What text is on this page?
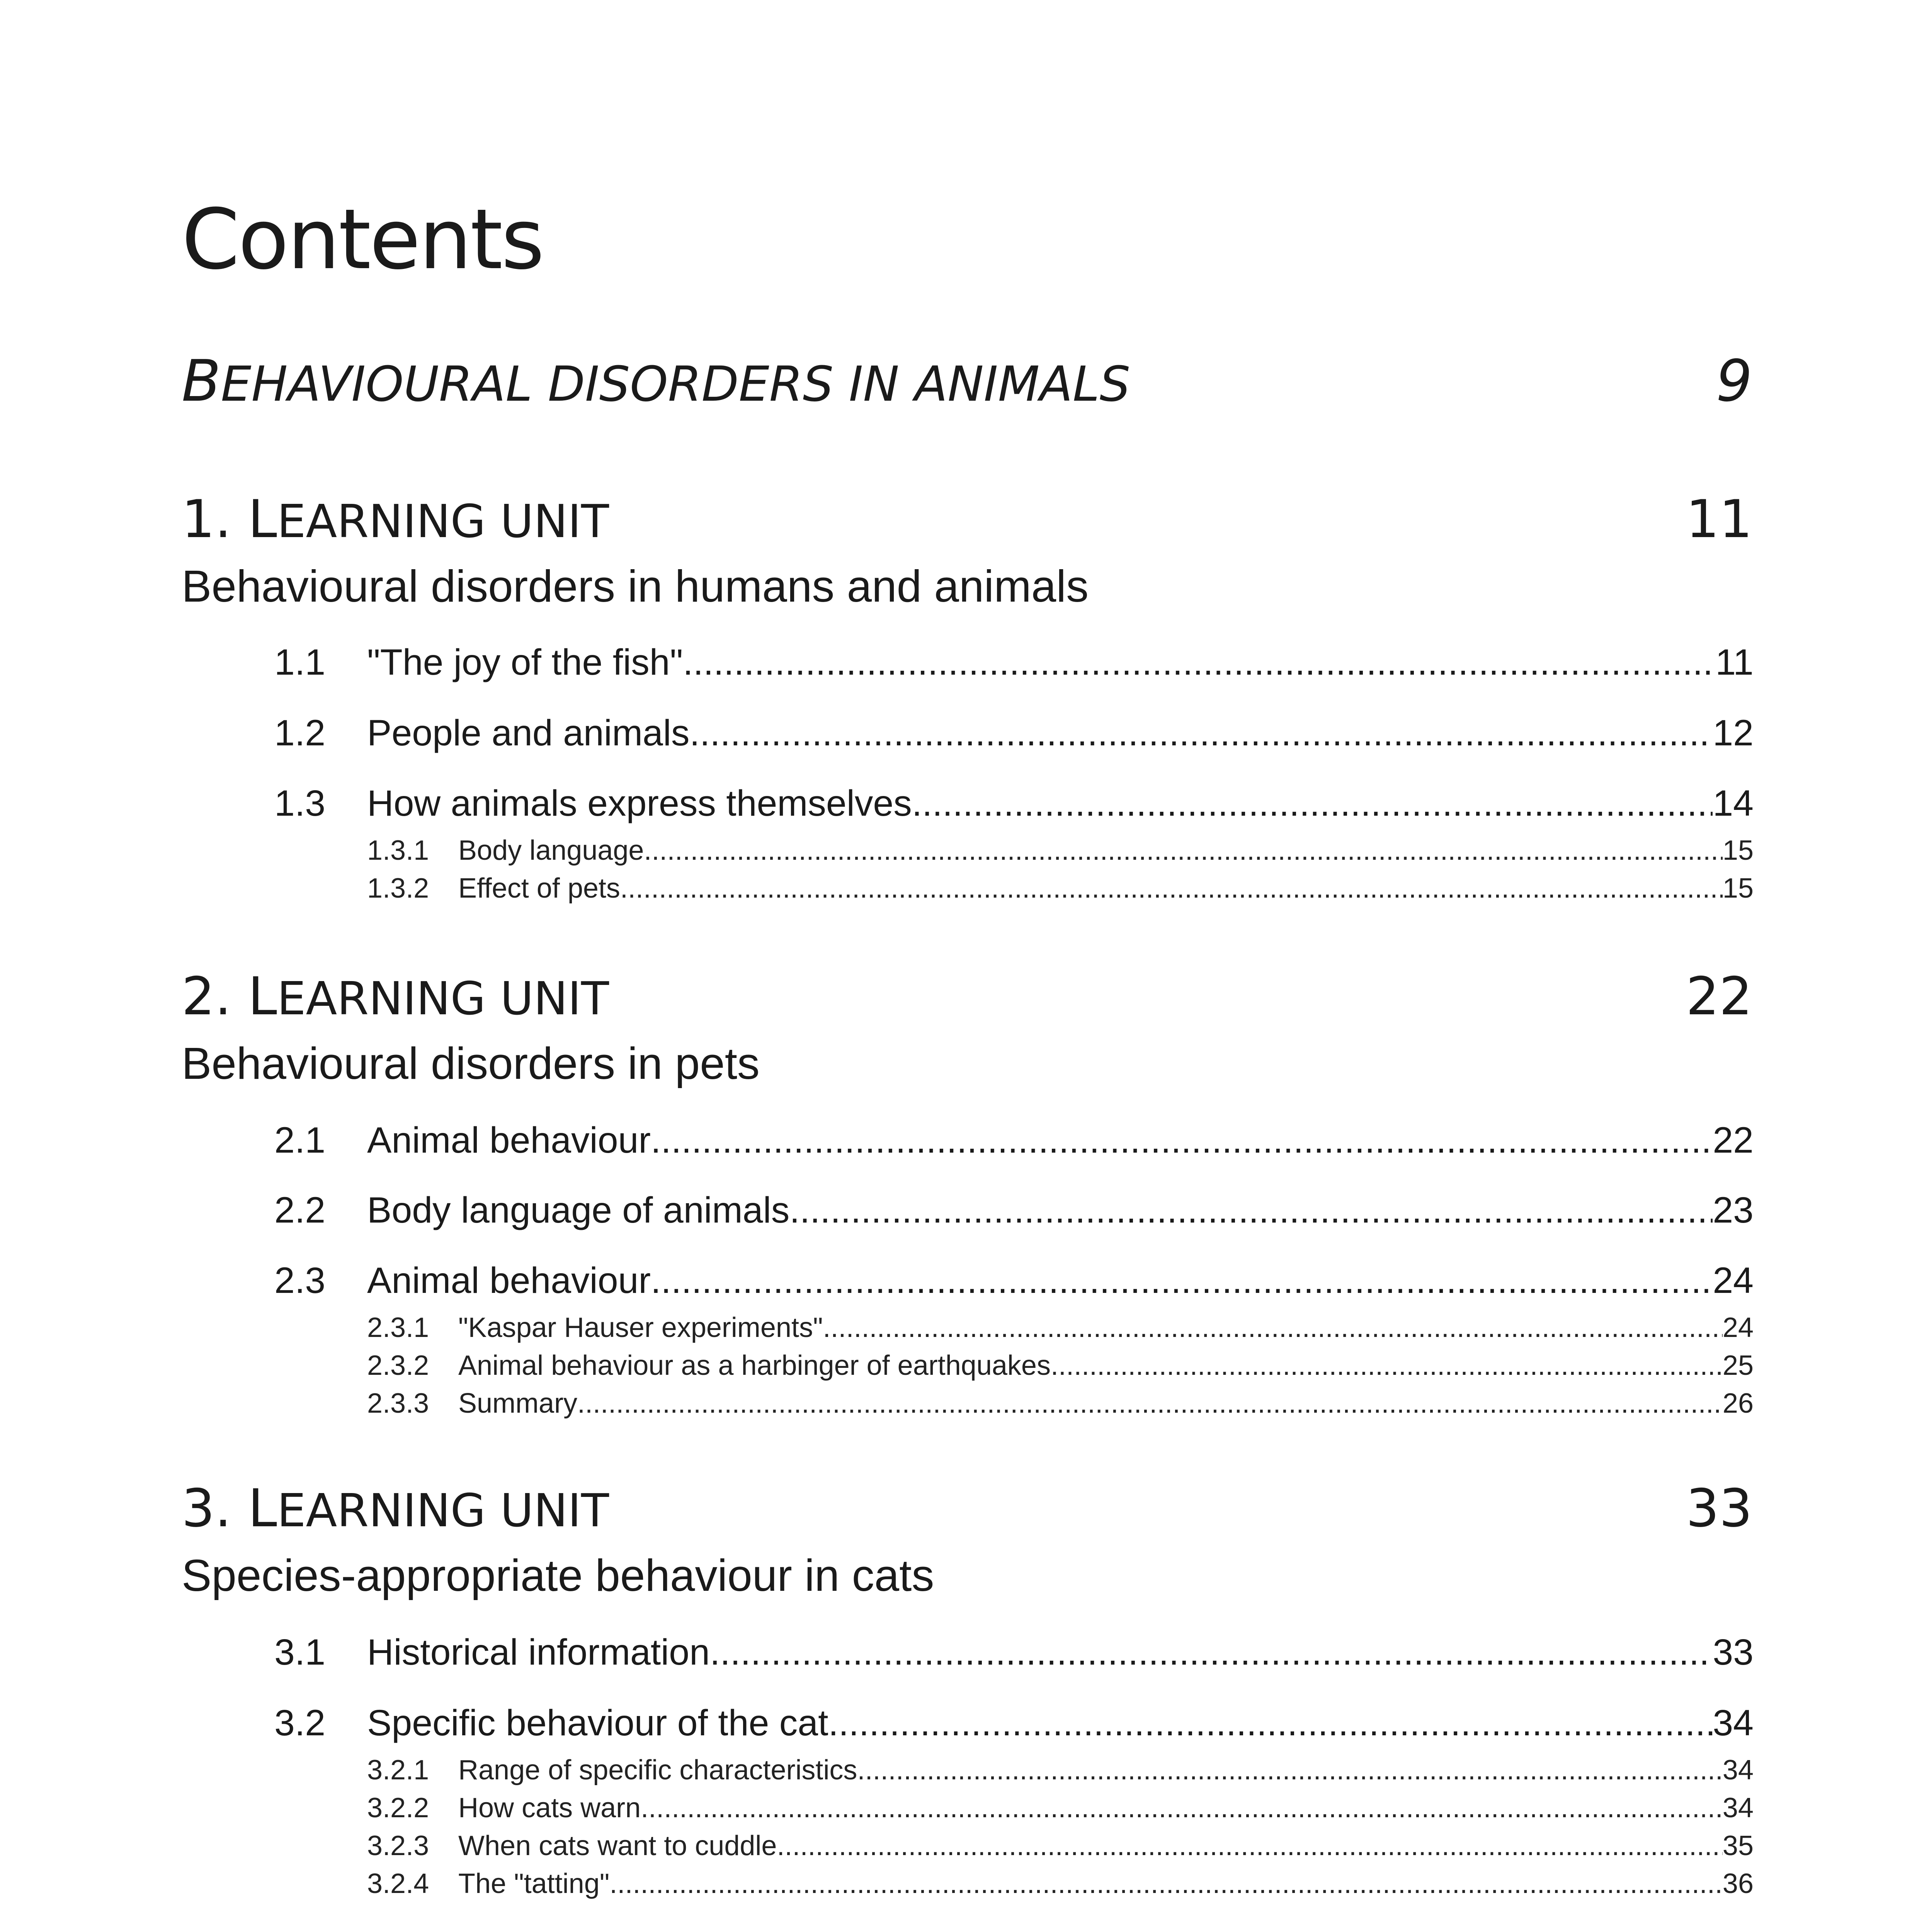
Contents
BEHAVIOURAL DISORDERS IN ANIMALS	9
1. LEARNING UNIT	11
Behavioural disorders in humans and animals
1.1	"The joy of the fish" .....	11
1.2	People and animals .....	12
1.3	How animals express themselves .....	14
1.3.1	Body language .....	15
1.3.2	Effect of pets .....	15
2. LEARNING UNIT	22
Behavioural disorders in pets
2.1	Animal behaviour .....	22
2.2	Body language of animals .....	23
2.3	Animal behaviour .....	24
2.3.1	"Kaspar Hauser experiments" .....	24
2.3.2	Animal behaviour as a harbinger of earthquakes .....	25
2.3.3	Summary .....	26
3. LEARNING UNIT	33
Species-appropriate behaviour in cats
3.1	Historical information .....	33
3.2	Specific behaviour of the cat .....	34
3.2.1	Range of specific characteristics .....	34
3.2.2	How cats warn .....	34
3.2.3	When cats want to cuddle .....	35
3.2.4	The "tatting" .....	36
